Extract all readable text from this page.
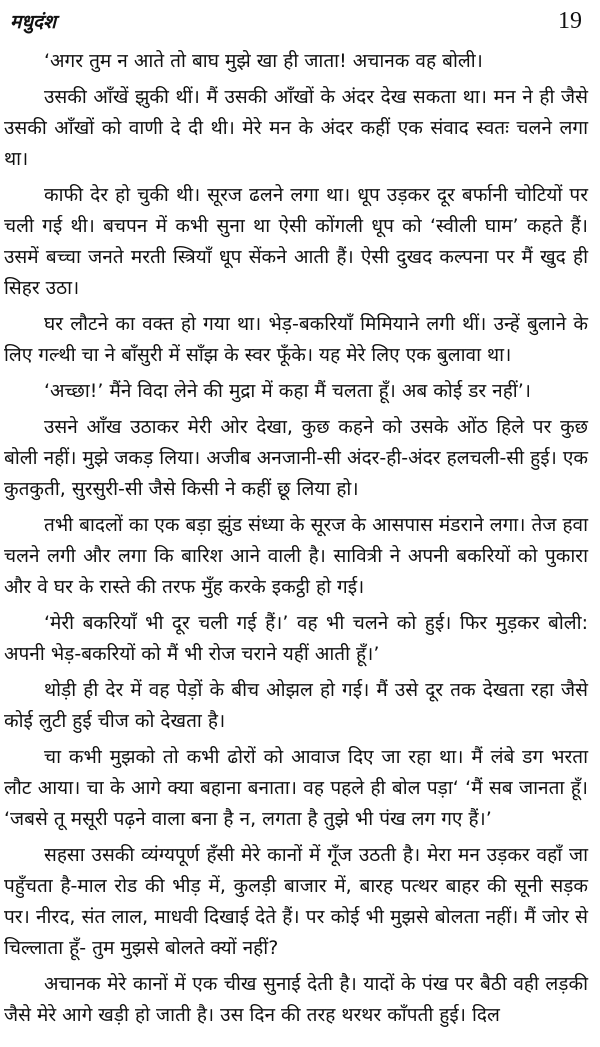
मधुदंश	19

‘अगर तुम न आते तो बाघ मुझे खा ही जाता! अचानक वह बोली।

उसकी आँखें झुकी थीं। मैं उसकी आँखों के अंदर देख सकता था। मन ने ही जैसे उसकी आँखों को वाणी दे दी थी। मेरे मन के अंदर कहीं एक संवाद स्वतः चलने लगा था।

काफी देर हो चुकी थी। सूरज ढलने लगा था। धूप उड़कर दूर बर्फानी चोटियों पर चली गई थी। बचपन में कभी सुना था ऐसी कोंगली धूप को ‘स्वीली घाम’ कहते हैं। उसमें बच्चा जनते मरती स्त्रियाँ धूप सेंकने आती हैं। ऐसी दुखद कल्पना पर मैं खुद ही सिहर उठा।

घर लौटने का वक्त हो गया था। भेड़-बकरियाँ मिमियाने लगी थीं। उन्हें बुलाने के लिए गल्थी चा ने बाँसुरी में साँझ के स्वर फूँके। यह मेरे लिए एक बुलावा था।

‘अच्छा!’ मैंने विदा लेने की मुद्रा में कहा मैं चलता हूँ। अब कोई डर नहीं’।

उसने आँख उठाकर मेरी ओर देखा, कुछ कहने को उसके ओंठ हिले पर कुछ बोली नहीं। मुझे जकड़ लिया। अजीब अनजानी-सी अंदर-ही-अंदर हलचली-सी हुई। एक कुतकुती, सुरसुरी-सी जैसे किसी ने कहीं छू लिया हो।

तभी बादलों का एक बड़ा झुंड संध्या के सूरज के आसपास मंडराने लगा। तेज हवा चलने लगी और लगा कि बारिश आने वाली है। सावित्री ने अपनी बकरियों को पुकारा और वे घर के रास्ते की तरफ मुँह करके इकट्ठी हो गई।

‘मेरी बकरियाँ भी दूर चली गई हैं।’ वह भी चलने को हुई। फिर मुड़कर बोली: अपनी भेड़-बकरियों को मैं भी रोज चराने यहीं आती हूँ।’

थोड़ी ही देर में वह पेड़ों के बीच ओझल हो गई। मैं उसे दूर तक देखता रहा जैसे कोई लुटी हुई चीज को देखता है।

चा कभी मुझको तो कभी ढोरों को आवाज दिए जा रहा था। मैं लंबे डग भरता लौट आया। चा के आगे क्या बहाना बनाता। वह पहले ही बोल पड़ा‘ ‘मैं सब जानता हूँ। ‘जबसे तू मसूरी पढ़ने वाला बना है न, लगता है तुझे भी पंख लग गए हैं।’

सहसा उसकी व्यंग्यपूर्ण हँसी मेरे कानों में गूँज उठती है। मेरा मन उड़कर वहाँ जा पहुँचता है-माल रोड की भीड़ में, कुलड़ी बाजार में, बारह पत्थर बाहर की सूनी सड़क पर। नीरद, संत लाल, माधवी दिखाई देते हैं। पर कोई भी मुझसे बोलता नहीं। मैं जोर से चिल्लाता हूँ- तुम मुझसे बोलते क्यों नहीं?

अचानक मेरे कानों में एक चीख सुनाई देती है। यादों के पंख पर बैठी वही लड़की जैसे मेरे आगे खड़ी हो जाती है। उस दिन की तरह थरथर काँपती हुई। दिल
